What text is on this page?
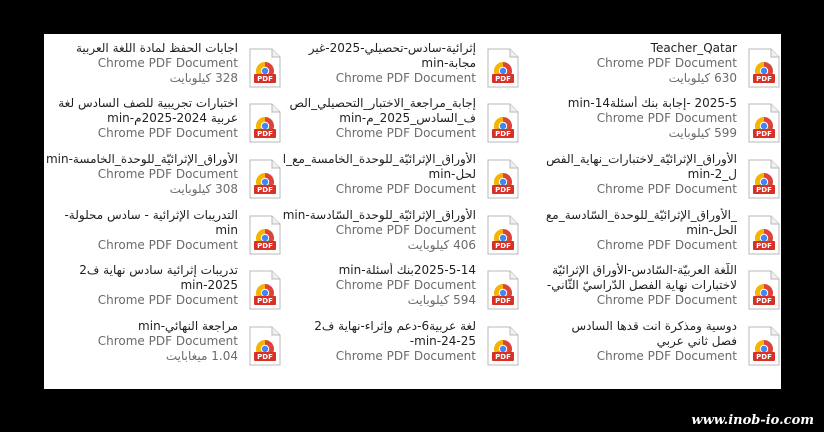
PDF
Teacher_Qatar
Chrome PDF Document
630 كيلوبايت
PDF
2025-5 -إجابة بنك أسئلة14-min
Chrome PDF Document
599 كيلوبايت
PDF
الأوراق_الإثرائيّة_لاختبارات_نهاية_الفص
ل_2-min
Chrome PDF Document
PDF
_الأوراق_الإثرائيّة_للوحدة_السّادسة_مع
الحل-min
Chrome PDF Document
PDF
اللّغة العربيّة-السّادس-الأوراق الإثرائيّة
لاختبارات نهاية الفصل الدّراسيّ الثّاني-
Chrome PDF Document
PDF
دوسية ومذكرة انت قدها السادس
فصل ثاني عربي
Chrome PDF Document
PDF
إثرائية-سادس-تحصيلي-2025-غير
مجابة-min
Chrome PDF Document
PDF
إجابة_مراجعة_الاختبار_التحصيلي_الص
ف_السادس_2025_م-min
Chrome PDF Document
PDF
الأوراق_الإثرائيّة_للوحدة_الخامسة_مع_ا
لحل-min
Chrome PDF Document
PDF
الأوراق_الإثرائيّة_للوحدة_السّادسة-min
Chrome PDF Document
406 كيلوبايت
PDF
2025-5-14بنك أسئلة-min
Chrome PDF Document
594 كيلوبايت
PDF
لغة عربية6-دعم وإثراء-نهاية ف2
24-25-min-
Chrome PDF Document
PDF
اجابات الحفظ لمادة اللغة العربية
Chrome PDF Document
328 كيلوبايت
PDF
اختبارات تجريبية للصف السادس لغة
عربية 2024-2025م-min
Chrome PDF Document
PDF
الأوراق_الإثرائيّة_للوحدة_الخامسة-min
Chrome PDF Document
308 كيلوبايت
PDF
التدريبات الإثرائية - سادس محلولة-
min
Chrome PDF Document
PDF
تدريبات إثرائية سادس نهاية ف2
2025-min
Chrome PDF Document
PDF
مراجعة النهائي-min
Chrome PDF Document
1.04 ميغابايت
www.inob-io.com
